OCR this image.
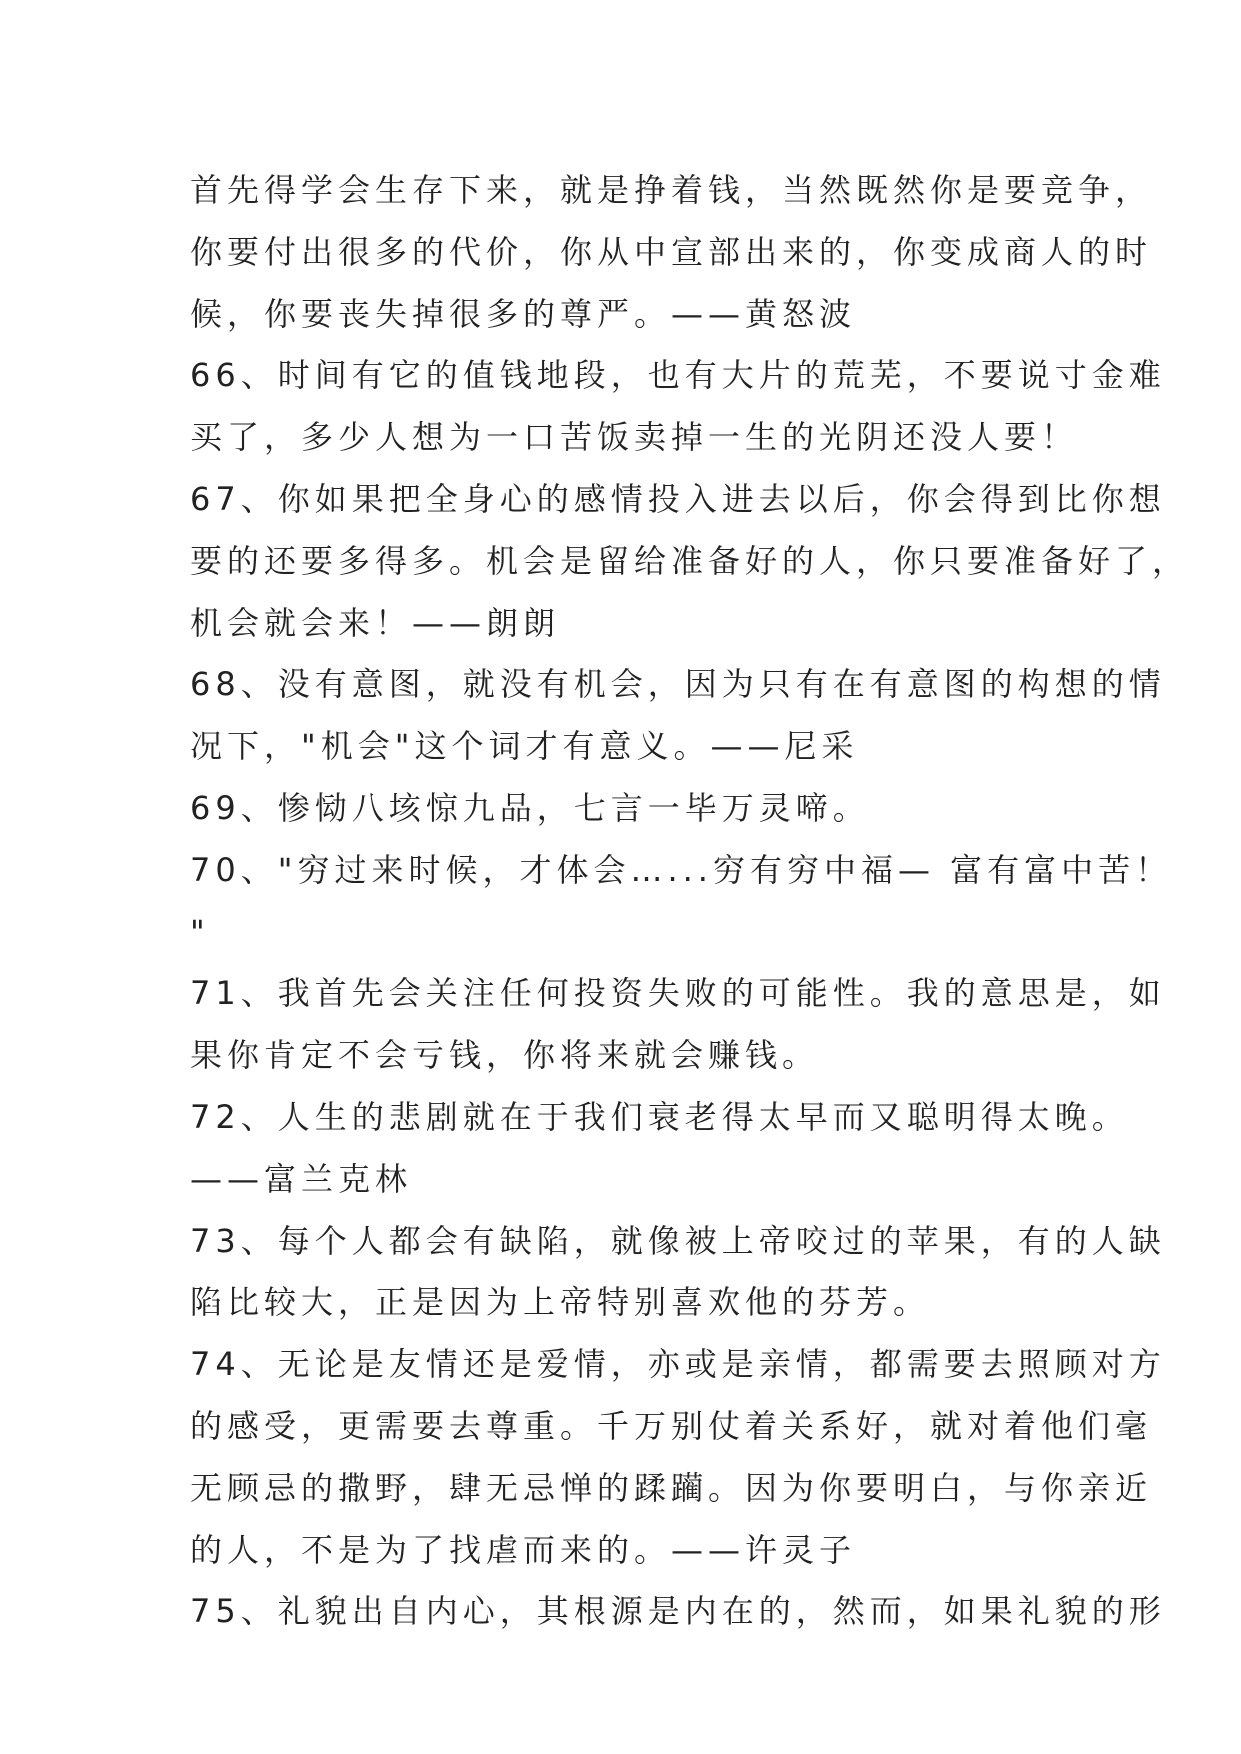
首先得学会生存下来，就是挣着钱，当然既然你是要竞争，
你要付出很多的代价，你从中宣部出来的，你变成商人的时
候，你要丧失掉很多的尊严。——黄怒波
66、时间有它的值钱地段，也有大片的荒芜，不要说寸金难
买了，多少人想为一口苦饭卖掉一生的光阴还没人要！
67、你如果把全身心的感情投入进去以后，你会得到比你想
要的还要多得多。机会是留给准备好的人，你只要准备好了，
机会就会来！——朗朗
68、没有意图，就没有机会，因为只有在有意图的构想的情
况下，"机会"这个词才有意义。——尼采
69、惨恸八垓惊九品，七言一毕万灵啼。
70、"穷过来时候，才体会…...穷有穷中福— 富有富中苦！
"
71、我首先会关注任何投资失败的可能性。我的意思是，如
果你肯定不会亏钱，你将来就会赚钱。
72、人生的悲剧就在于我们衰老得太早而又聪明得太晚。
——富兰克林
73、每个人都会有缺陷，就像被上帝咬过的苹果，有的人缺
陷比较大，正是因为上帝特别喜欢他的芬芳。
74、无论是友情还是爱情，亦或是亲情，都需要去照顾对方
的感受，更需要去尊重。千万别仗着关系好，就对着他们毫
无顾忌的撒野，肆无忌惮的蹂躏。因为你要明白，与你亲近
的人，不是为了找虐而来的。——许灵子
75、礼貌出自内心，其根源是内在的，然而，如果礼貌的形
